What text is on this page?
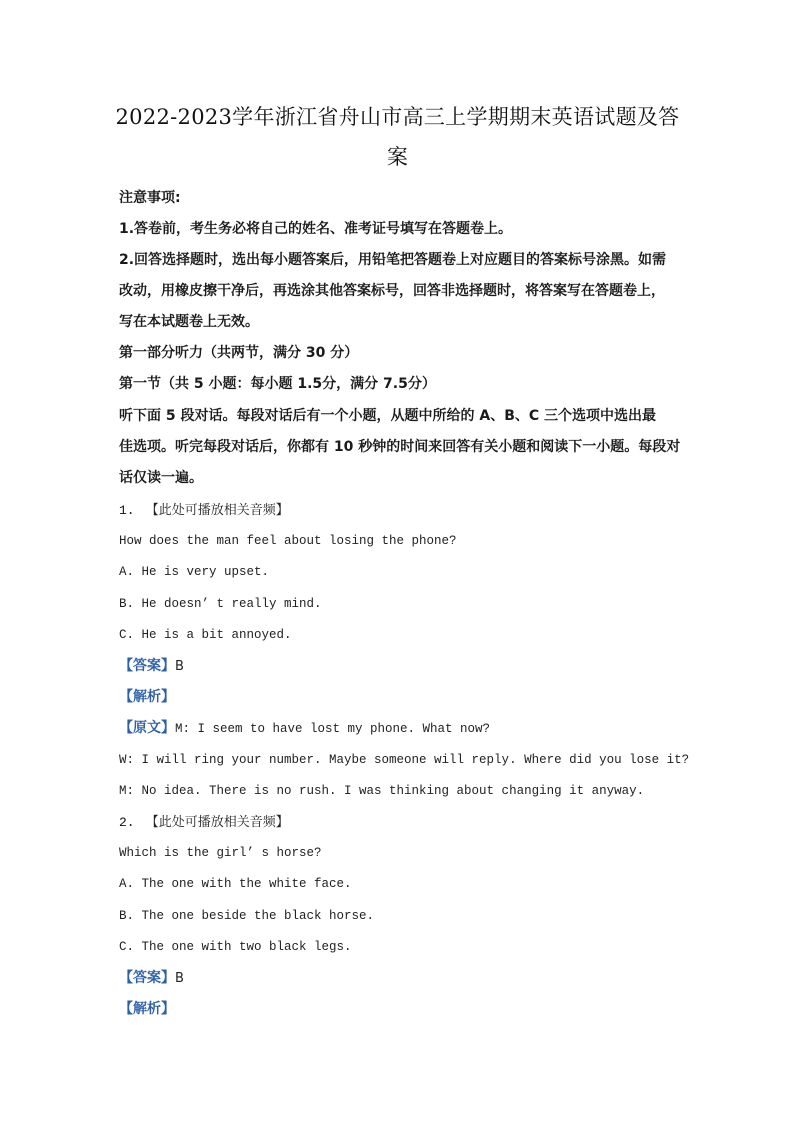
2022-2023学年浙江省舟山市高三上学期期末英语试题及答
案
注意事项:
1.答卷前，考生务必将自己的姓名、准考证号填写在答题卷上。
2.回答选择题时，选出每小题答案后，用铅笔把答题卷上对应题目的答案标号涂黑。如需
改动，用橡皮擦干净后，再选涂其他答案标号，回答非选择题时，将答案写在答题卷上，
写在本试题卷上无效。
第一部分听力（共两节，满分 30 分）
第一节（共 5 小题：每小题 1.5分，满分 7.5分）
听下面 5 段对话。每段对话后有一个小题，从题中所给的 A、B、C 三个选项中选出最
佳选项。听完每段对话后，你都有 10 秒钟的时间来回答有关小题和阅读下一小题。每段对
话仅读一遍。
1. 【此处可播放相关音频】
How does the man feel about losing the phone?
A. He is very upset.
B. He doesn’ t really mind.
C. He is a bit annoyed.
【答案】B
【解析】
【原文】M: I seem to have lost my phone. What now?
W: I will ring your number. Maybe someone will reply. Where did you lose it?
M: No idea. There is no rush. I was thinking about changing it anyway.
2. 【此处可播放相关音频】
Which is the girl’ s horse?
A. The one with the white face.
B. The one beside the black horse.
C. The one with two black legs.
【答案】B
【解析】
